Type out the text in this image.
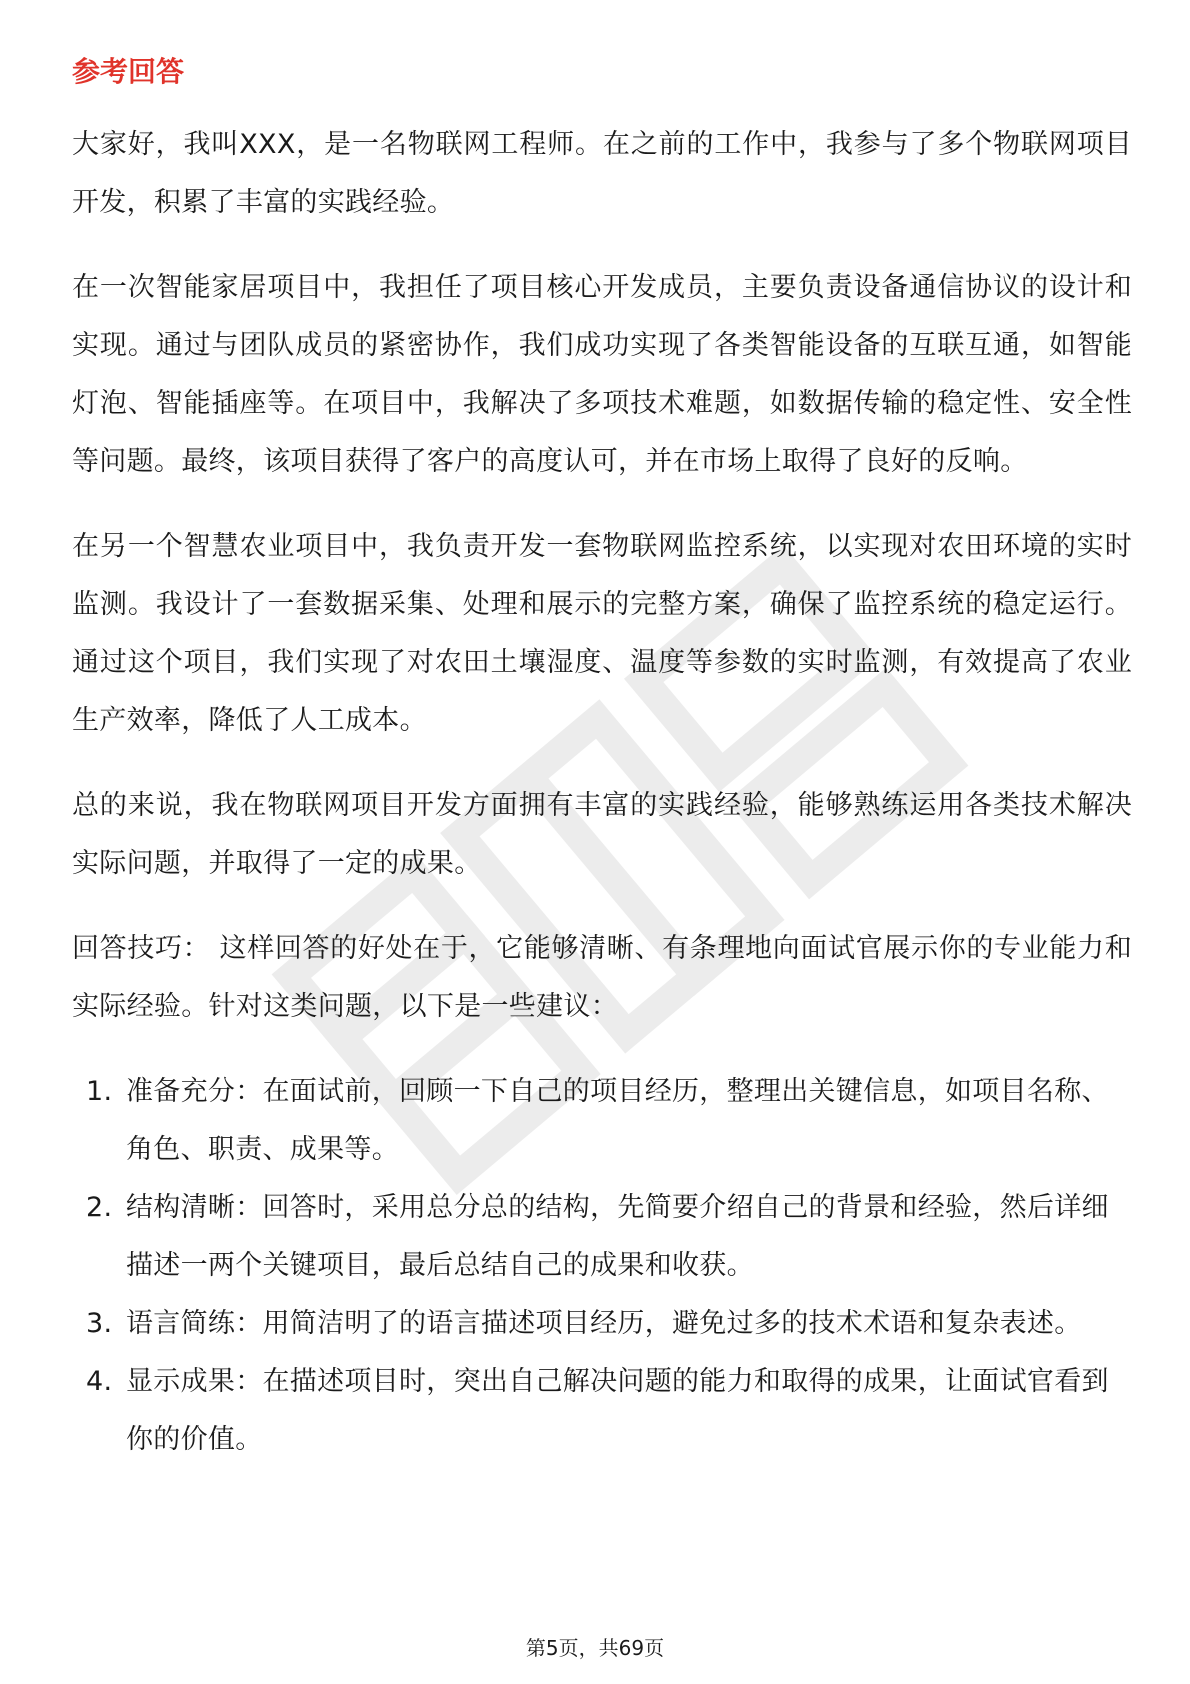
参考回答

大家好，我叫XXX，是一名物联网工程师。在之前的工作中，我参与了多个物联网项目开发，积累了丰富的实践经验。

在一次智能家居项目中，我担任了项目核心开发成员，主要负责设备通信协议的设计和实现。通过与团队成员的紧密协作，我们成功实现了各类智能设备的互联互通，如智能灯泡、智能插座等。在项目中，我解决了多项技术难题，如数据传输的稳定性、安全性等问题。最终，该项目获得了客户的高度认可，并在市场上取得了良好的反响。

在另一个智慧农业项目中，我负责开发一套物联网监控系统，以实现对农田环境的实时监测。我设计了一套数据采集、处理和展示的完整方案，确保了监控系统的稳定运行。通过这个项目，我们实现了对农田土壤湿度、温度等参数的实时监测，有效提高了农业生产效率，降低了人工成本。

总的来说，我在物联网项目开发方面拥有丰富的实践经验，能够熟练运用各类技术解决实际问题，并取得了一定的成果。

回答技巧： 这样回答的好处在于，它能够清晰、有条理地向面试官展示你的专业能力和实际经验。针对这类问题，以下是一些建议：

1. 准备充分：在面试前，回顾一下自己的项目经历，整理出关键信息，如项目名称、角色、职责、成果等。
2. 结构清晰：回答时，采用总分总的结构，先简要介绍自己的背景和经验，然后详细描述一两个关键项目，最后总结自己的成果和收获。
3. 语言简练：用简洁明了的语言描述项目经历，避免过多的技术术语和复杂表述。
4. 显示成果：在描述项目时，突出自己解决问题的能力和取得的成果，让面试官看到你的价值。
第5页，共69页
